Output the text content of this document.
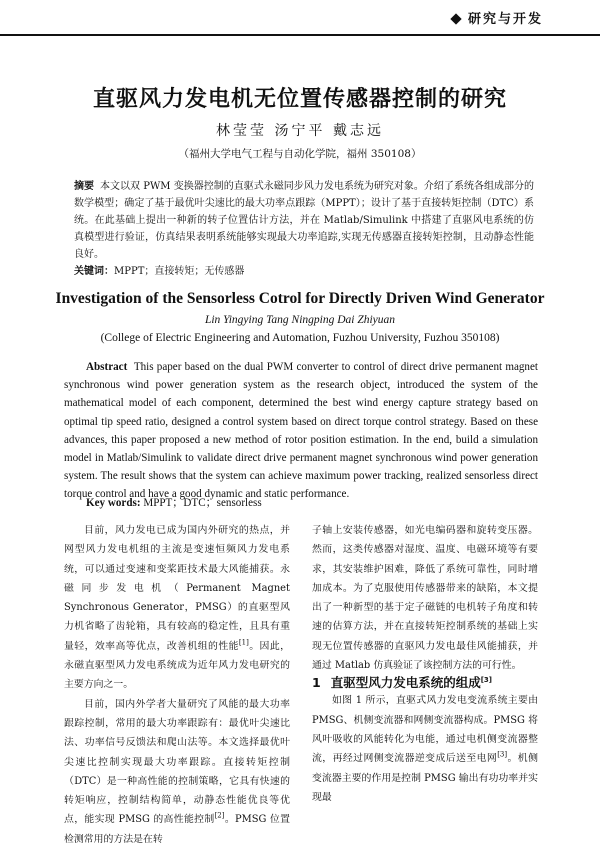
研究与开发
直驱风力发电机无位置传感器控制的研究
林莹莹 汤宁平 戴志远
（福州大学电气工程与自动化学院，福州 350108）
摘要 本文以双 PWM 变换器控制的直驱式永磁同步风力发电系统为研究对象。介绍了系统各组成部分的数学模型；确定了基于最优叶尖速比的最大功率点跟踪（MPPT）；设计了基于直接转矩控制（DTC）系统。在此基础上提出一种新的转子位置估计方法，并在 Matlab/Simulink 中搭建了直驱风电系统的仿真模型进行验证，仿真结果表明系统能够实现最大功率追踪,实现无传感器直接转矩控制，且动静态性能良好。
关键词：MPPT；直接转矩；无传感器
Investigation of the Sensorless Cotrol for Directly Driven Wind Generator
Lin Yingying Tang Ningping Dai Zhiyuan
(College of Electric Engineering and Automation, Fuzhou University, Fuzhou 350108)
Abstract This paper based on the dual PWM converter to control of direct drive permanent magnet synchronous wind power generation system as the research object, introduced the system of the mathematical model of each component, determined the best wind energy capture strategy based on optimal tip speed ratio, designed a control system based on direct torque control strategy. Based on these advances, this paper proposed a new method of rotor position estimation. In the end, build a simulation model in Matlab/Simulink to validate direct drive permanent magnet synchronous wind power generation system. The result shows that the system can achieve maximum power tracking, realized sensorless direct torque control and have a good dynamic and static performance.
Key words: MPPT；DTC；sensorless

目前，风力发电已成为国内外研究的热点，并网型风力发电机组的主流是变速恒频风力发电系统，可以通过变速和变桨距技术最大风能捕获。永磁同步发电机（Permanent Magnet Synchronous Generator，PMSG）的直驱型风力机省略了齿轮箱，具有较高的稳定性，且具有重量轻，效率高等优点，改善机组的性能[1]。因此，永磁直驱型风力发电系统成为近年风力发电研究的主要方向之一。

目前，国内外学者大量研究了风能的最大功率跟踪控制，常用的最大功率跟踪有：最优叶尖速比法、功率信号反馈法和爬山法等。本文选择最优叶尖速比控制实现最大功率跟踪。直接转矩控制（DTC）是一种高性能的控制策略，它具有快速的转矩响应，控制结构简单，动静态性能优良等优点，能实现 PMSG 的高性能控制[2]。PMSG 位置检测常用的方法是在转

子轴上安装传感器，如光电编码器和旋转变压器。然而，这类传感器对湿度、温度、电磁环境等有要求，其安装维护困难，降低了系统可靠性，同时增加成本。为了克服使用传感器带来的缺陷，本文提出了一种新型的基于定子磁链的电机转子角度和转速的估算方法，并在直接转矩控制系统的基础上实现无位置传感器的直驱风力发电最佳风能捕获，并通过 Matlab 仿真验证了该控制方法的可行性。

1 直驱型风力发电系统的组成[3]

如图 1 所示，直驱式风力发电变流系统主要由 PMSG、机侧变流器和网侧变流器构成。PMSG 将风叶吸收的风能转化为电能，通过电机侧变流器整流，再经过网侧变流器逆变成后送至电网[3]。机侧变流器主要的作用是控制 PMSG 输出有功功率并实现最
